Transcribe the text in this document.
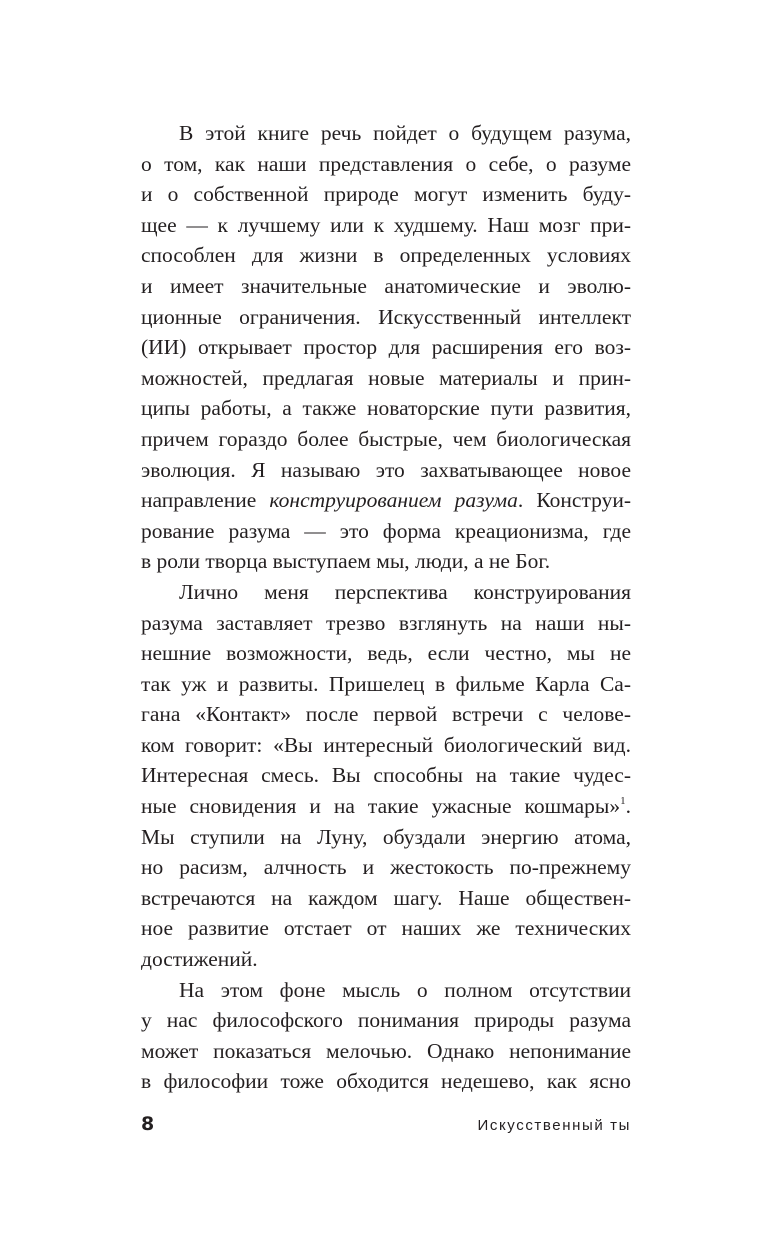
В этой книге речь пойдет о будущем разума,
о том, как наши представления о себе, о разуме
и о собственной природе могут изменить буду-
щее — к лучшему или к худшему. Наш мозг при-
способлен для жизни в определенных условиях
и имеет значительные анатомические и эволю-
ционные ограничения. Искусственный интеллект
(ИИ) открывает простор для расширения его воз-
можностей, предлагая новые материалы и прин-
ципы работы, а также новаторские пути развития,
причем гораздо более быстрые, чем биологическая
эволюция. Я называю это захватывающее новое
направление конструированием разума. Конструи-
рование разума — это форма креационизма, где
в роли творца выступаем мы, люди, а не Бог.
Лично меня перспектива конструирования
разума заставляет трезво взглянуть на наши ны-
нешние возможности, ведь, если честно, мы не
так уж и развиты. Пришелец в фильме Карла Са-
гана «Контакт» после первой встречи с челове-
ком говорит: «Вы интересный биологический вид.
Интересная смесь. Вы способны на такие чудес-
ные сновидения и на такие ужасные кошмары»$^1$.
Мы ступили на Луну, обуздали энергию атома,
но расизм, алчность и жестокость по-прежнему
встречаются на каждом шагу. Наше обществен-
ное развитие отстает от наших же технических
достижений.
На этом фоне мысль о полном отсутствии
у нас философского понимания природы разума
может показаться мелочью. Однако непонимание
в философии тоже обходится недешево, как ясно
8	Искусственный ты
